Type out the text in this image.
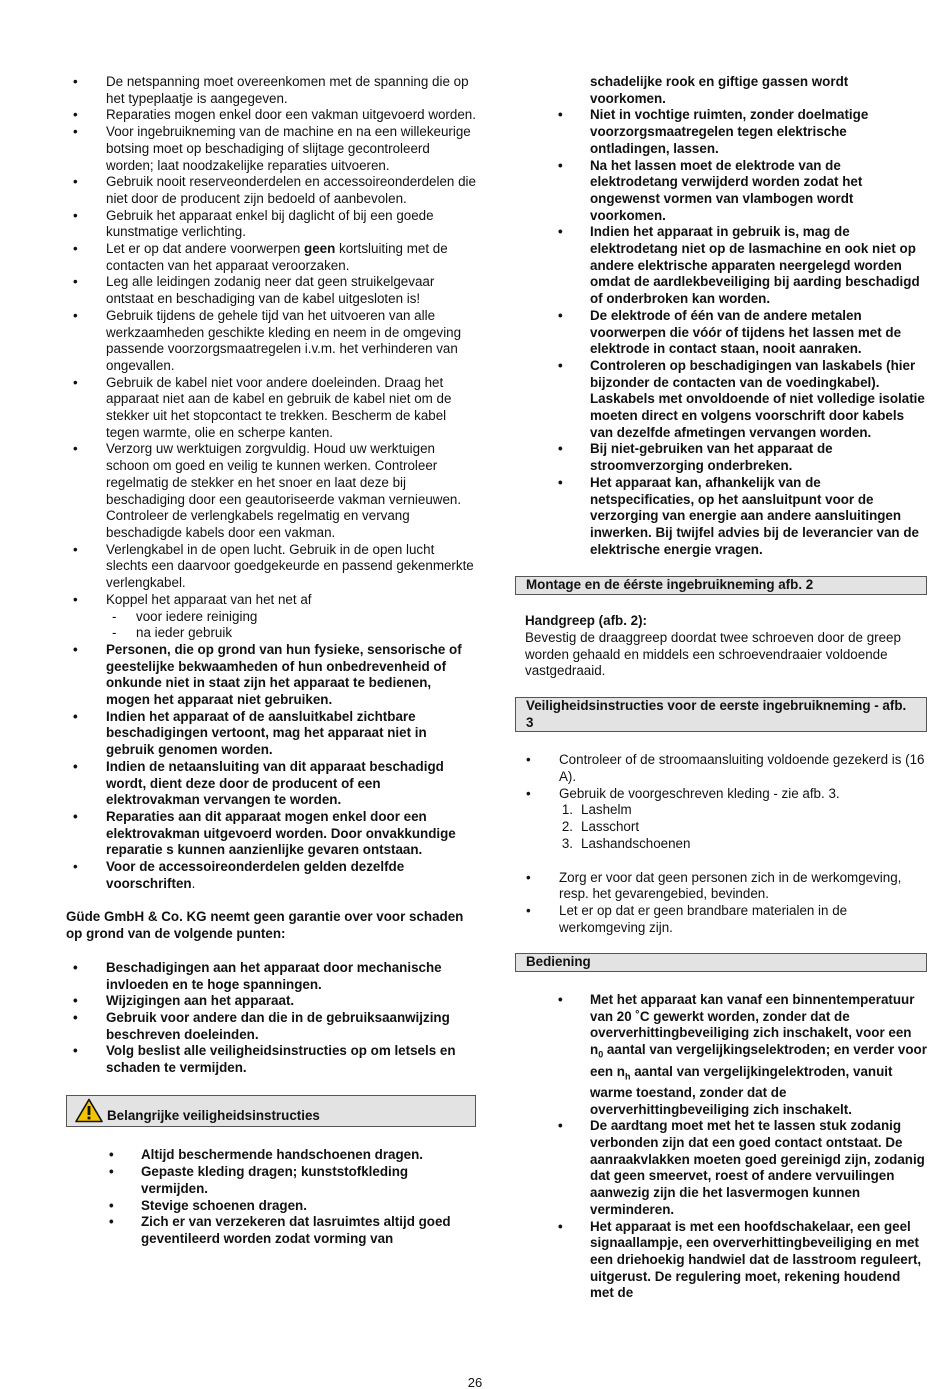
• De netspanning moet overeenkomen met de spanning die op het typeplaatje is aangegeven.
• Reparaties mogen enkel door een vakman uitgevoerd worden.
• Voor ingebruikneming van de machine en na een willekeurige botsing moet op beschadiging of slijtage gecontroleerd worden; laat noodzakelijke reparaties uitvoeren.
• Gebruik nooit reserveonderdelen en accessoireonderdelen die niet door de producent zijn bedoeld of aanbevolen.
• Gebruik het apparaat enkel bij daglicht of bij een goede kunstmatige verlichting.
• Let er op dat andere voorwerpen geen kortsluiting met de contacten van het apparaat veroorzaken.
• Leg alle leidingen zodanig neer dat geen struikelgevaar ontstaat en beschadiging van de kabel uitgesloten is!
• Gebruik tijdens de gehele tijd van het uitvoeren van alle werkzaamheden geschikte kleding en neem in de omgeving passende voorzorgsmaatregelen i.v.m. het verhinderen van ongevallen.
• Gebruik de kabel niet voor andere doeleinden. Draag het apparaat niet aan de kabel en gebruik de kabel niet om de stekker uit het stopcontact te trekken. Bescherm de kabel tegen warmte, olie en scherpe kanten.
• Verzorg uw werktuigen zorgvuldig. Houd uw werktuigen schoon om goed en veilig te kunnen werken. Controleer regelmatig de stekker en het snoer en laat deze bij beschadiging door een geautoriseerde vakman vernieuwen. Controleer de verlengkabels regelmatig en vervang beschadigde kabels door een vakman.
• Verlengkabel in de open lucht. Gebruik in de open lucht slechts een daarvoor goedgekeurde en passend gekenmerkte verlengkabel.
• Koppel het apparaat van het net af
- voor iedere reiniging
- na ieder gebruik
• Personen, die op grond van hun fysieke, sensorische of geestelijke bekwaamheden of hun onbedrevenheid of onkunde niet in staat zijn het apparaat te bedienen, mogen het apparaat niet gebruiken.
• Indien het apparaat of de aansluitkabel zichtbare beschadigingen vertoont, mag het apparaat niet in gebruik genomen worden.
• Indien de netaansluiting van dit apparaat beschadigd wordt, dient deze door de producent of een elektrovakman vervangen te worden.
• Reparaties aan dit apparaat mogen enkel door een elektrovakman uitgevoerd worden. Door onvakkundige reparatie s kunnen aanzienlijke gevaren ontstaan.
• Voor de accessoireonderdelen gelden dezelfde voorschriften.

Güde GmbH & Co. KG neemt geen garantie over voor schaden op grond van de volgende punten:

• Beschadigingen aan het apparaat door mechanische invloeden en te hoge spanningen.
• Wijzigingen aan het apparaat.
• Gebruik voor andere dan die in de gebruiksaanwijzing beschreven doeleinden.
• Volg beslist alle veiligheidsinstructies op om letsels en schaden te vermijden.
Belangrijke veiligheidsinstructies
• Altijd beschermende handschoenen dragen.
• Gepaste kleding dragen; kunststofkleding vermijden.
• Stevige schoenen dragen.
• Zich er van verzekeren dat lasruimtes altijd goed geventileerd worden zodat vorming van

schadelijke rook en giftige gassen wordt voorkomen.

• Niet in vochtige ruimten, zonder doelmatige voorzorgsmaatregelen tegen elektrische ontladingen, lassen.
• Na het lassen moet de elektrode van de elektrodetang verwijderd worden zodat het ongewenst vormen van vlambogen wordt voorkomen.
• Indien het apparaat in gebruik is, mag de elektrodetang niet op de lasmachine en ook niet op andere elektrische apparaten neergelegd worden omdat de aardlekbeveiliging bij aarding beschadigd of onderbroken kan worden.
• De elektrode of één van de andere metalen voorwerpen die vóór of tijdens het lassen met de elektrode in contact staan, nooit aanraken.
• Controleren op beschadigingen van laskabels (hier bijzonder de contacten van de voedingkabel). Laskabels met onvoldoende of niet volledige isolatie moeten direct en volgens voorschrift door kabels van dezelfde afmetingen vervangen worden.
• Bij niet-gebruiken van het apparaat de stroomverzorging onderbreken.
• Het apparaat kan, afhankelijk van de netspecificaties, op het aansluitpunt voor de verzorging van energie aan andere aansluitingen inwerken. Bij twijfel advies bij de leverancier van de elektrische energie vragen.
Montage en de éérste ingebruikneming afb. 2

Handgreep (afb. 2):

Bevestig de draaggreep doordat twee schroeven door de greep worden gehaald en middels een schroevendraaier voldoende vastgedraaid.

Veiligheidsinstructies voor de eerste ingebruikneming - afb. 3
• Controleer of de stroomaansluiting voldoende gezekerd is (16 A).
• Gebruik de voorgeschreven kleding - zie afb. 3.
1. Lashelm
2. Lasschort
3. Lashandschoenen
• Zorg er voor dat geen personen zich in de werkomgeving, resp. het gevarengebied, bevinden.
• Let er op dat er geen brandbare materialen in de werkomgeving zijn.
Bediening
• Met het apparaat kan vanaf een binnentemperatuur van 20 ˚C gewerkt worden, zonder dat de oververhittingbeveiliging zich inschakelt, voor een $n_0$ aantal van vergelijkingselektroden; en verder voor een $n_h$ aantal van vergelijkingelektroden, vanuit warme toestand, zonder dat de oververhittingbeveiliging zich inschakelt.
• De aardtang moet met het te lassen stuk zodanig verbonden zijn dat een goed contact ontstaat. De aanraakvlakken moeten goed gereinigd zijn, zodanig dat geen smeervet, roest of andere vervuilingen aanwezig zijn die het lasvermogen kunnen verminderen.
• Het apparaat is met een hoofdschakelaar, een geel signaallampje, een oververhittingbeveiliging en met een driehoekig handwiel dat de lasstroom reguleert, uitgerust. De regulering moet, rekening houdend met de
26
